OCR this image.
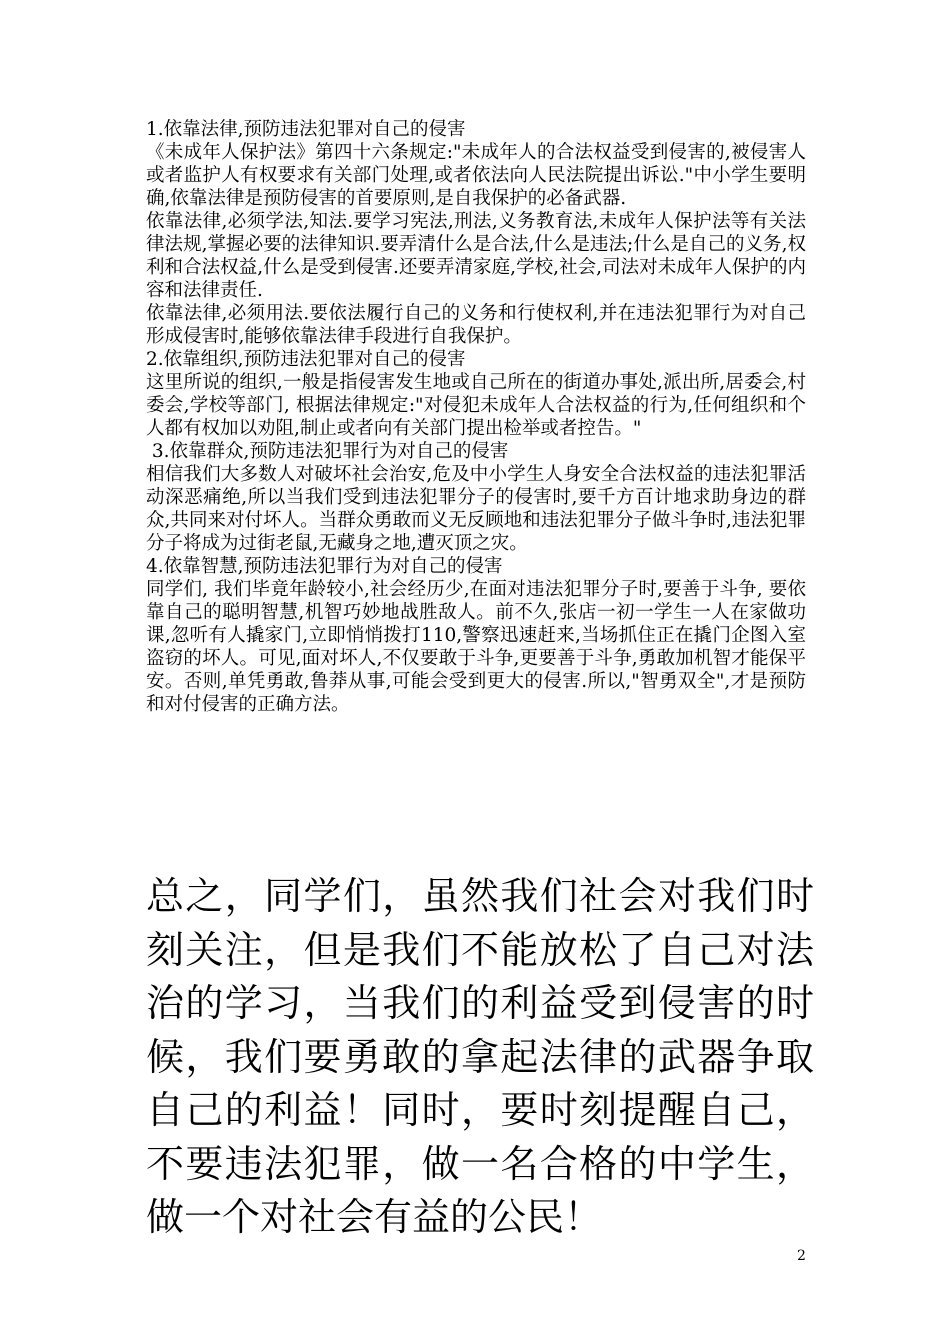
1.依靠法律,预防违法犯罪对自己的侵害

《未成年人保护法》第四十六条规定:"未成年人的合法权益受到侵害的,被侵害人或者监护人有权要求有关部门处理,或者依法向人民法院提出诉讼."中小学生要明确,依靠法律是预防侵害的首要原则,是自我保护的必备武器.

依靠法律,必须学法,知法.要学习宪法,刑法,义务教育法,未成年人保护法等有关法律法规,掌握必要的法律知识.要弄清什么是合法,什么是违法;什么是自己的义务,权利和合法权益,什么是受到侵害.还要弄清家庭,学校,社会,司法对未成年人保护的内容和法律责任.

依靠法律,必须用法.要依法履行自己的义务和行使权利,并在违法犯罪行为对自己形成侵害时,能够依靠法律手段进行自我保护。

2.依靠组织,预防违法犯罪对自己的侵害

这里所说的组织,一般是指侵害发生地或自己所在的街道办事处,派出所,居委会,村委会,学校等部门, 根据法律规定:"对侵犯未成年人合法权益的行为,任何组织和个人都有权加以劝阻,制止或者向有关部门提出检举或者控告。"

3.依靠群众,预防违法犯罪行为对自己的侵害

相信我们大多数人对破坏社会治安,危及中小学生人身安全合法权益的违法犯罪活动深恶痛绝,所以当我们受到违法犯罪分子的侵害时,要千方百计地求助身边的群众,共同来对付坏人。当群众勇敢而义无反顾地和违法犯罪分子做斗争时,违法犯罪分子将成为过街老鼠,无藏身之地,遭灭顶之灾。

4.依靠智慧,预防违法犯罪行为对自己的侵害

同学们, 我们毕竟年龄较小,社会经历少,在面对违法犯罪分子时,要善于斗争, 要依靠自己的聪明智慧,机智巧妙地战胜敌人。前不久,张店一初一学生一人在家做功课,忽听有人撬家门,立即悄悄拨打110,警察迅速赶来,当场抓住正在撬门企图入室盗窃的坏人。可见,面对坏人,不仅要敢于斗争,更要善于斗争,勇敢加机智才能保平安。否则,单凭勇敢,鲁莽从事,可能会受到更大的侵害.所以,"智勇双全",才是预防和对付侵害的正确方法。

总之，同学们，虽然我们社会对我们时刻关注，但是我们不能放松了自己对法治的学习，当我们的利益受到侵害的时候，我们要勇敢的拿起法律的武器争取自己的利益！同时，要时刻提醒自己，不要违法犯罪，做一名合格的中学生，做一个对社会有益的公民！

2
